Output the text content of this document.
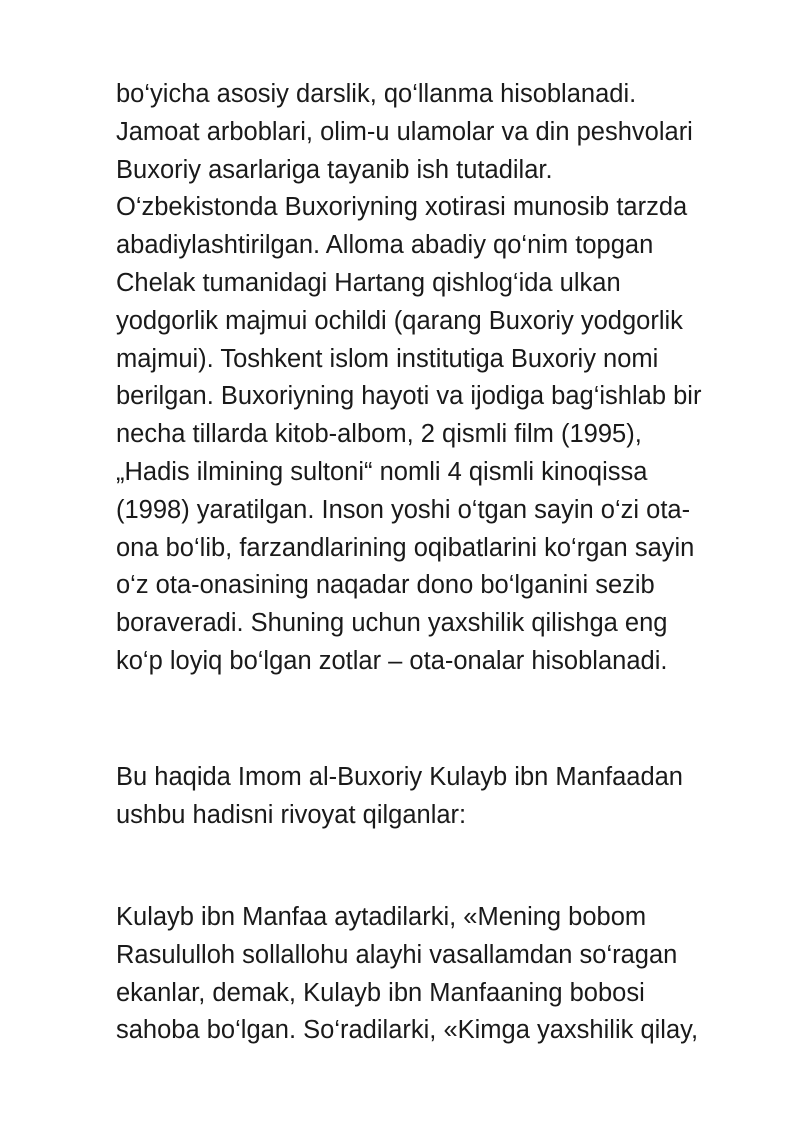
bo‘yicha asosiy darslik, qo‘llanma hisoblanadi.
Jamoat arboblari, olim-u ulamolar va din peshvolari
Buxoriy asarlariga tayanib ish tutadilar.
O‘zbekistonda Buxoriyning xotirasi munosib tarzda
abadiylashtirilgan. Alloma abadiy qo‘nim topgan
Chelak tumanidagi Hartang qishlog‘ida ulkan
yodgorlik majmui ochildi (qarang Buxoriy yodgorlik
majmui). Toshkent islom institutiga Buxoriy nomi
berilgan. Buxoriyning hayoti va ijodiga bag‘ishlab bir
necha tillarda kitob-albom, 2 qismli film (1995),
„Hadis ilmining sultoni“ nomli 4 qismli kinoqissa
(1998) yaratilgan. Inson yoshi o‘tgan sayin o‘zi ota-
ona bo‘lib, farzandlarining oqibatlarini ko‘rgan sayin
o‘z ota-onasining naqadar dono bo‘lganini sezib
boraveradi. Shuning uchun yaxshilik qilishga eng
ko‘p loyiq bo‘lgan zotlar – ota-onalar hisoblanadi.
Bu haqida Imom al-Buxoriy Kulayb ibn Manfaadan
ushbu hadisni rivoyat qilganlar:
Kulayb ibn Manfaa aytadilarki, «Mening bobom
Rasululloh sollallohu alayhi vasallamdan so‘ragan
ekanlar, demak, Kulayb ibn Manfaaning bobosi
sahoba bo‘lgan. So‘radilarki, «Kimga yaxshilik qilay,
